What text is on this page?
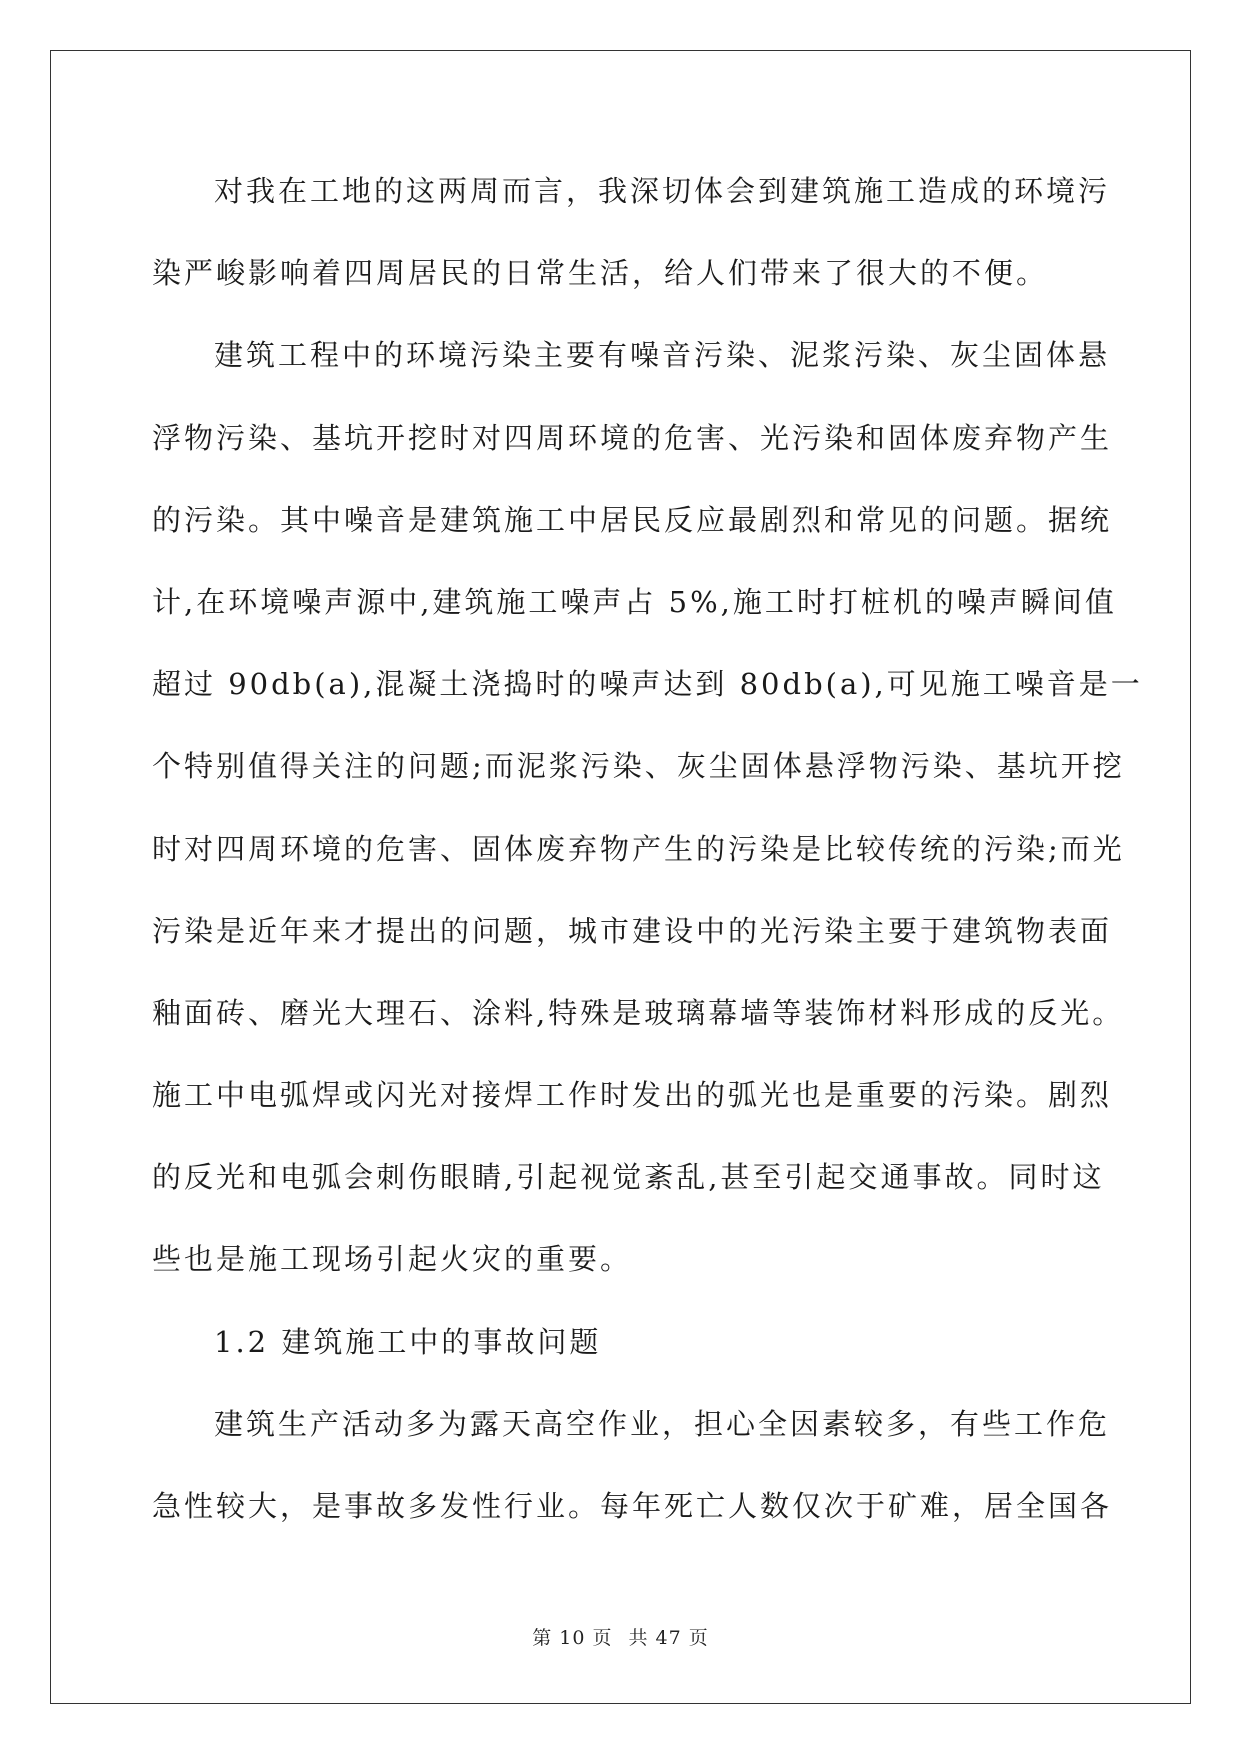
对我在工地的这两周而言，我深切体会到建筑施工造成的环境污
染严峻影响着四周居民的日常生活，给人们带来了很大的不便。
建筑工程中的环境污染主要有噪音污染、泥浆污染、灰尘固体悬
浮物污染、基坑开挖时对四周环境的危害、光污染和固体废弃物产生
的污染。其中噪音是建筑施工中居民反应最剧烈和常见的问题。据统
计,在环境噪声源中,建筑施工噪声占 5%,施工时打桩机的噪声瞬间值
超过 90db(a),混凝土浇捣时的噪声达到 80db(a),可见施工噪音是一
个特别值得关注的问题;而泥浆污染、灰尘固体悬浮物污染、基坑开挖
时对四周环境的危害、固体废弃物产生的污染是比较传统的污染;而光
污染是近年来才提出的问题，城市建设中的光污染主要于建筑物表面
釉面砖、磨光大理石、涂料,特殊是玻璃幕墙等装饰材料形成的反光。
施工中电弧焊或闪光对接焊工作时发出的弧光也是重要的污染。剧烈
的反光和电弧会刺伤眼睛,引起视觉紊乱,甚至引起交通事故。同时这
些也是施工现场引起火灾的重要。
1.2 建筑施工中的事故问题
建筑生产活动多为露天高空作业，担心全因素较多，有些工作危
急性较大，是事故多发性行业。每年死亡人数仅次于矿难，居全国各
第 10 页 共 47 页
